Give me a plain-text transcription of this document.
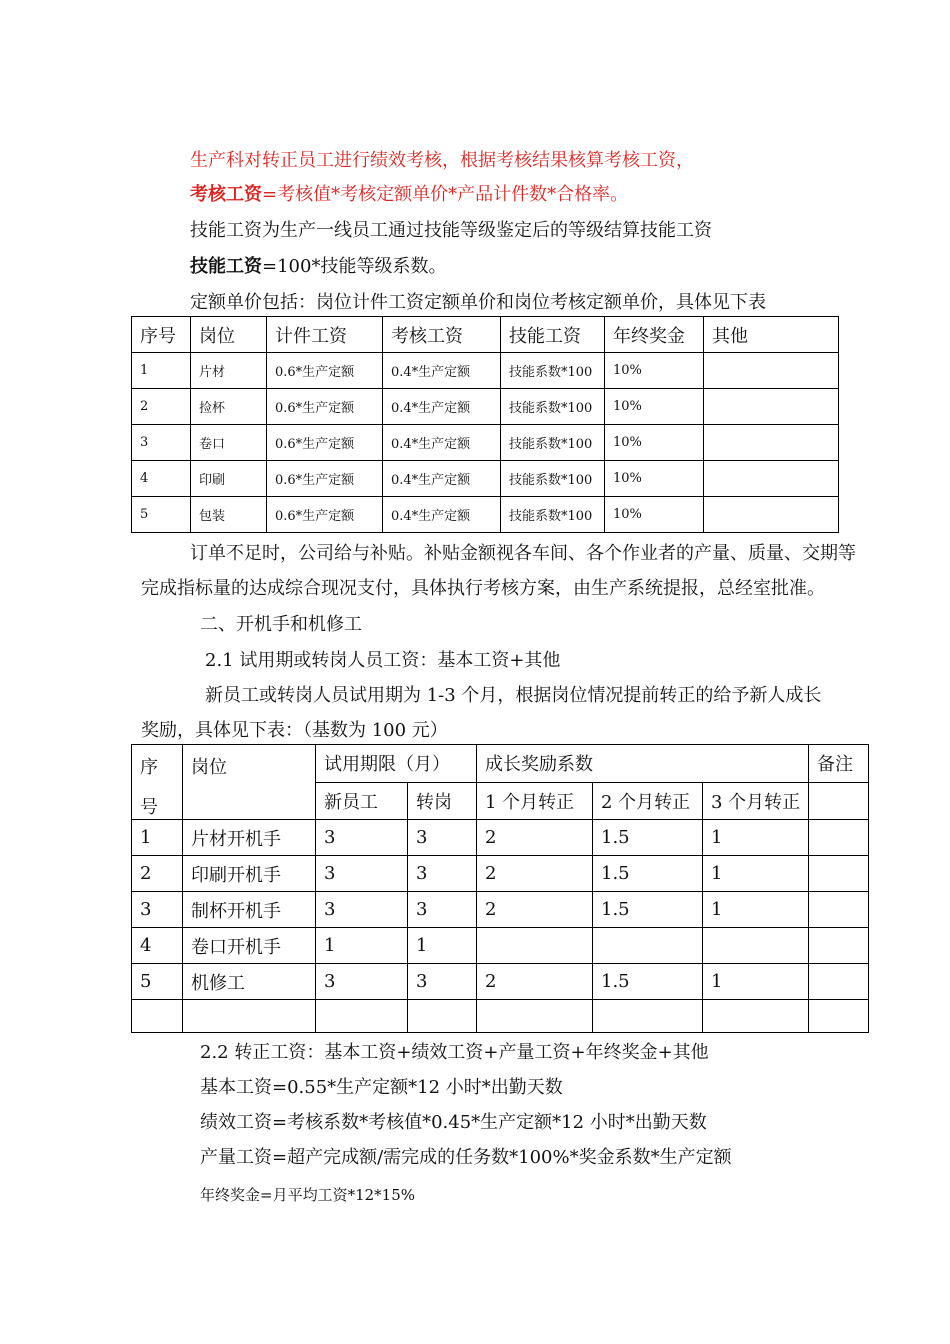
生产科对转正员工进行绩效考核，根据考核结果核算考核工资，
考核工资=考核值*考核定额单价*产品计件数*合格率。
技能工资为生产一线员工通过技能等级鉴定后的等级结算技能工资
技能工资=100*技能等级系数。
定额单价包括：岗位计件工资定额单价和岗位考核定额单价，具体见下表
序号	岗位	计件工资	考核工资	技能工资	年终奖金	其他
1	片材	0.6*生产定额	0.4*生产定额	技能系数*100	10%	
2	捡杯	0.6*生产定额	0.4*生产定额	技能系数*100	10%	
3	卷口	0.6*生产定额	0.4*生产定额	技能系数*100	10%	
4	印刷	0.6*生产定额	0.4*生产定额	技能系数*100	10%	
5	包装	0.6*生产定额	0.4*生产定额	技能系数*100	10%	
订单不足时，公司给与补贴。补贴金额视各车间、各个作业者的产量、质量、交期等
完成指标量的达成综合现况支付，具体执行考核方案，由生产系统提报，总经室批准。
二、开机手和机修工
2.1 试用期或转岗人员工资：基本工资+其他
新员工或转岗人员试用期为 1-3 个月，根据岗位情况提前转正的给予新人成长
奖励，具体见下表：（基数为 100 元）
序
号	岗位	试用期限（月）		成长奖励系数			备注
		新员工	转岗	1 个月转正	2 个月转正	3 个月转正	
1	片材开机手	3	3	2	1.5	1	
2	印刷开机手	3	3	2	1.5	1	
3	制杯开机手	3	3	2	1.5	1	
4	卷口开机手	1	1				
5	机修工	3	3	2	1.5	1	

2.2 转正工资：基本工资+绩效工资+产量工资+年终奖金+其他
基本工资=0.55*生产定额*12 小时*出勤天数
绩效工资=考核系数*考核值*0.45*生产定额*12 小时*出勤天数
产量工资=超产完成额/需完成的任务数*100%*奖金系数*生产定额
年终奖金=月平均工资*12*15%
